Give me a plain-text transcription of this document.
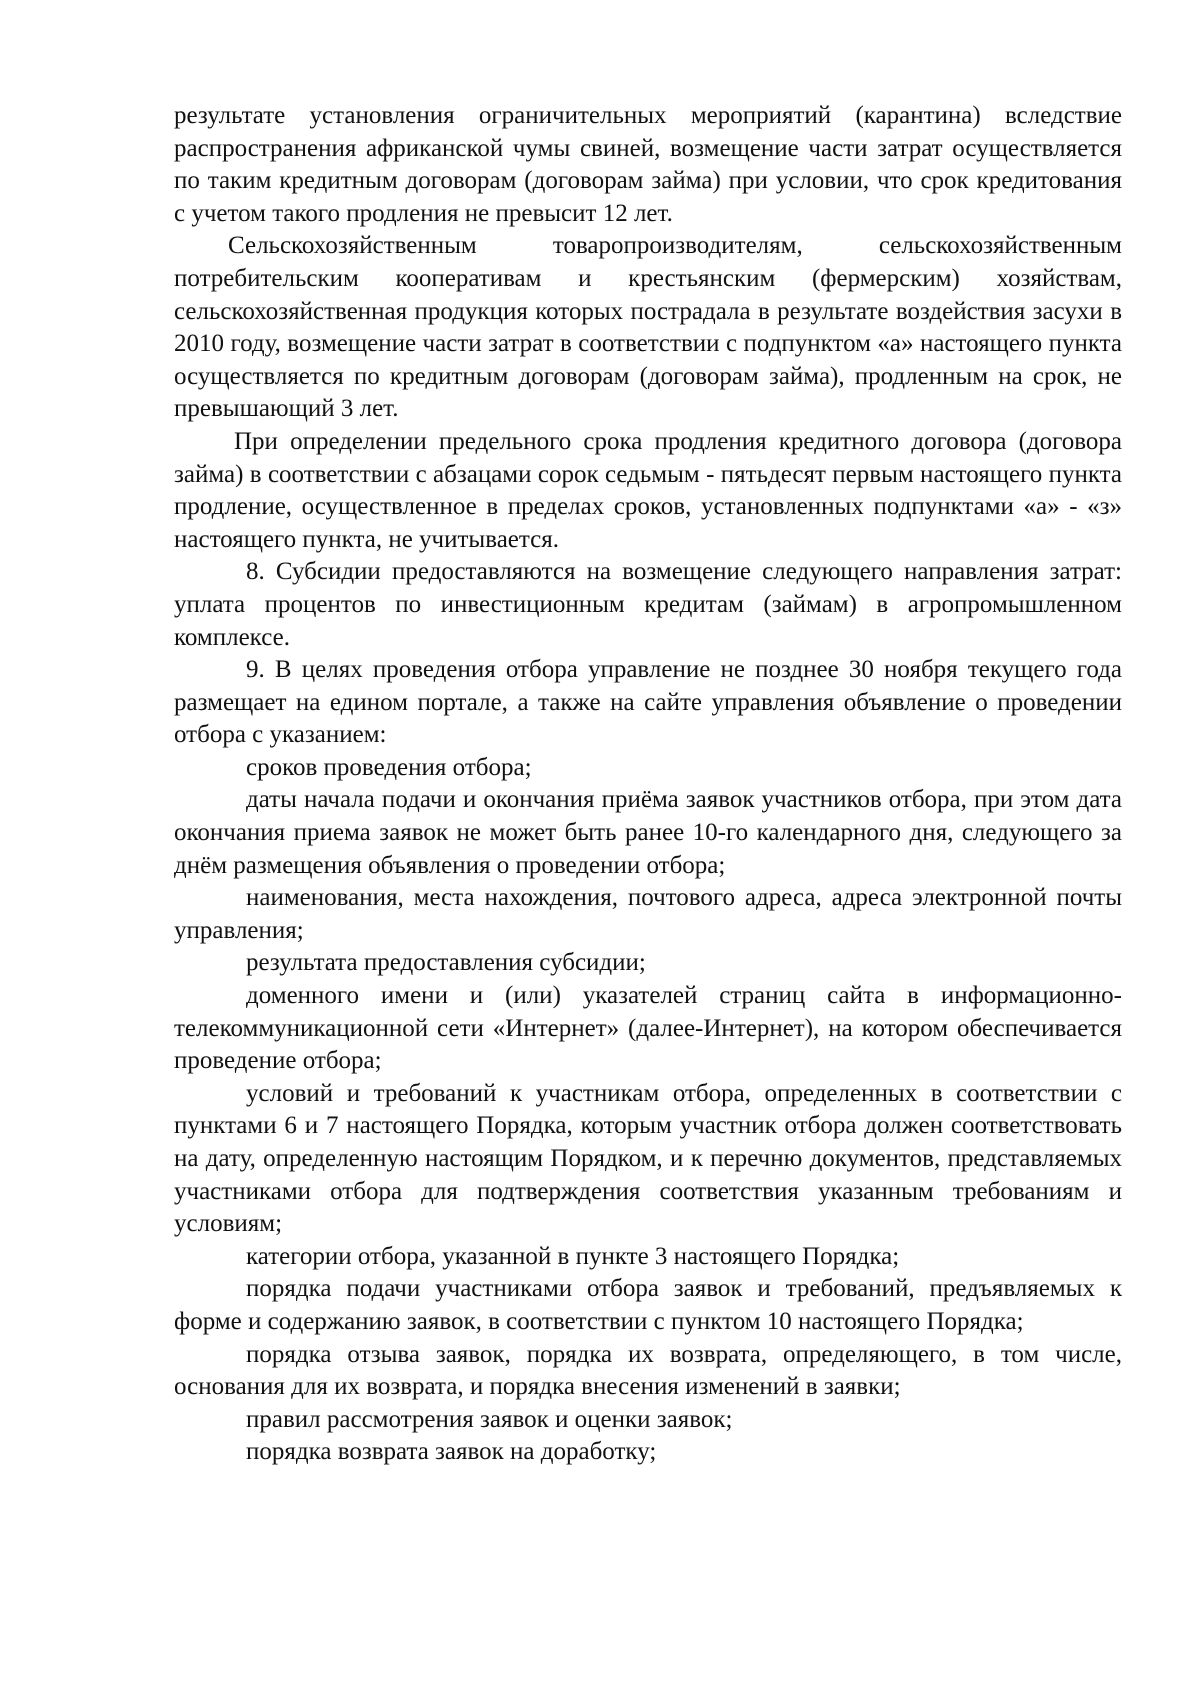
результате установления ограничительных мероприятий (карантина) вследствие распространения африканской чумы свиней, возмещение части затрат осуществляется по таким кредитным договорам (договорам займа) при условии, что срок кредитования с учетом такого продления не превысит 12 лет.

Сельскохозяйственным товаропроизводителям, сельскохозяйственным потребительским кооперативам и крестьянским (фермерским) хозяйствам, сельскохозяйственная продукция которых пострадала в результате воздействия засухи в 2010 году, возмещение части затрат в соответствии с подпунктом «а» настоящего пункта осуществляется по кредитным договорам (договорам займа), продленным на срок, не превышающий 3 лет.

При определении предельного срока продления кредитного договора (договора займа) в соответствии с абзацами сорок седьмым - пятьдесят первым настоящего пункта продление, осуществленное в пределах сроков, установленных подпунктами «а» - «з» настоящего пункта, не учитывается.

8. Субсидии предоставляются на возмещение следующего направления затрат: уплата процентов по инвестиционным кредитам (займам) в агропромышленном комплексе.

9. В целях проведения отбора управление не позднее 30 ноября текущего года размещает на едином портале, а также на сайте управления объявление о проведении отбора с указанием:

сроков проведения отбора;

даты начала подачи и окончания приёма заявок участников отбора, при этом дата окончания приема заявок не может быть ранее 10-го календарного дня, следующего за днём размещения объявления о проведении отбора;

наименования, места нахождения, почтового адреса, адреса электронной почты управления;

результата предоставления субсидии;

доменного имени и (или) указателей страниц сайта в информационно-телекоммуникационной сети «Интернет» (далее-Интернет), на котором обеспечивается проведение отбора;

условий и требований к участникам отбора, определенных в соответствии с пунктами 6 и 7 настоящего Порядка, которым участник отбора должен соответствовать на дату, определенную настоящим Порядком, и к перечню документов, представляемых участниками отбора для подтверждения соответствия указанным требованиям и условиям;

категории отбора, указанной в пункте 3 настоящего Порядка;

порядка подачи участниками отбора заявок и требований, предъявляемых к форме и содержанию заявок, в соответствии с пунктом 10 настоящего Порядка;

порядка отзыва заявок, порядка их возврата, определяющего, в том числе, основания для их возврата, и порядка внесения изменений в заявки;

правил рассмотрения заявок и оценки заявок;

порядка возврата заявок на доработку;
